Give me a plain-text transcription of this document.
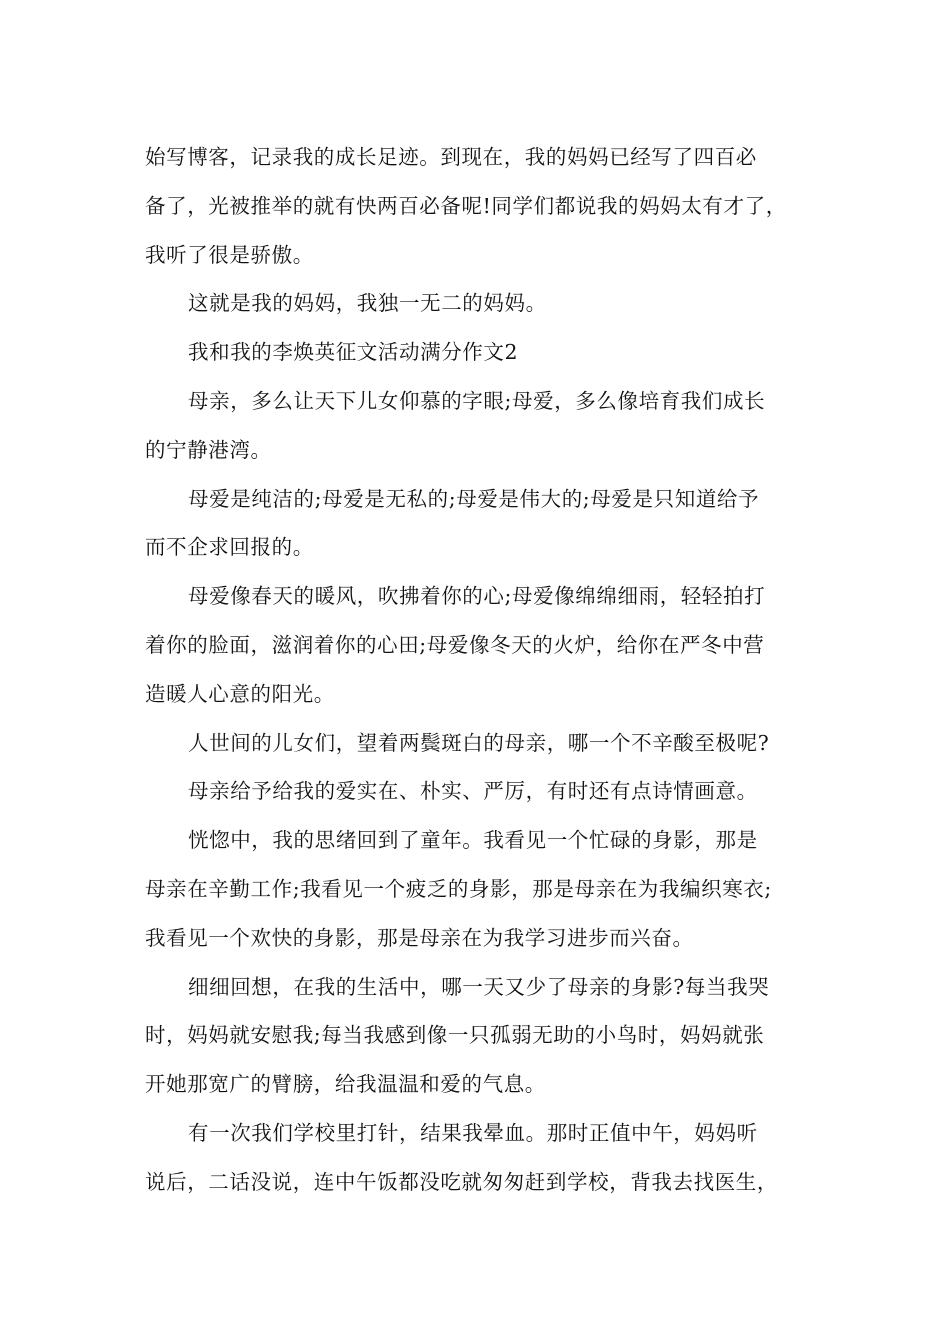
始写博客，记录我的成长足迹。到现在，我的妈妈已经写了四百必
备了，光被推举的就有快两百必备呢!同学们都说我的妈妈太有才了，
我听了很是骄傲。
这就是我的妈妈，我独一无二的妈妈。
我和我的李焕英征文活动满分作文2
母亲，多么让天下儿女仰慕的字眼;母爱，多么像培育我们成长
的宁静港湾。
母爱是纯洁的;母爱是无私的;母爱是伟大的;母爱是只知道给予
而不企求回报的。
母爱像春天的暖风，吹拂着你的心;母爱像绵绵细雨，轻轻拍打
着你的脸面，滋润着你的心田;母爱像冬天的火炉，给你在严冬中营
造暖人心意的阳光。
人世间的儿女们，望着两鬓斑白的母亲，哪一个不辛酸至极呢?
母亲给予给我的爱实在、朴实、严厉，有时还有点诗情画意。
恍惚中，我的思绪回到了童年。我看见一个忙碌的身影，那是
母亲在辛勤工作;我看见一个疲乏的身影，那是母亲在为我编织寒衣;
我看见一个欢快的身影，那是母亲在为我学习进步而兴奋。
细细回想，在我的生活中，哪一天又少了母亲的身影?每当我哭
时，妈妈就安慰我;每当我感到像一只孤弱无助的小鸟时，妈妈就张
开她那宽广的臂膀，给我温温和爱的气息。
有一次我们学校里打针，结果我晕血。那时正值中午，妈妈听
说后，二话没说，连中午饭都没吃就匆匆赶到学校，背我去找医生，
